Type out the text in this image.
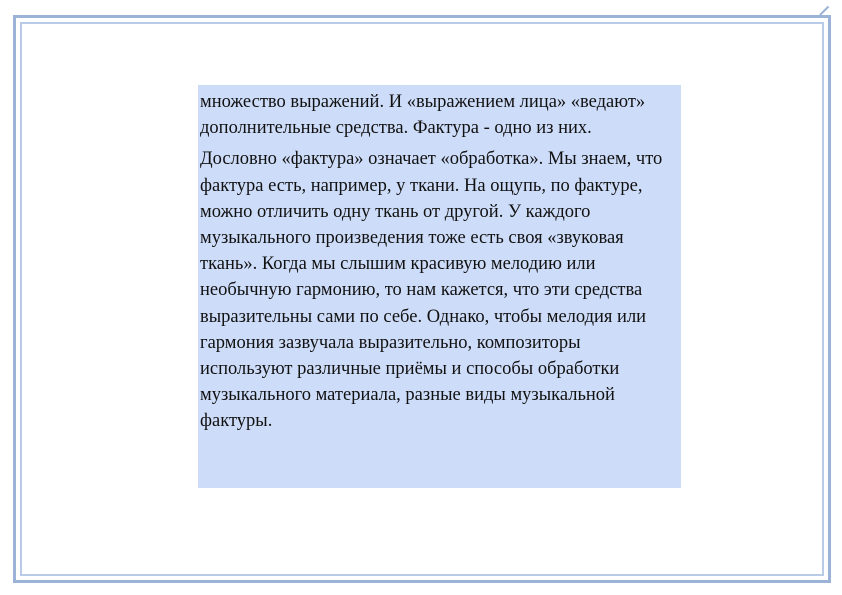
множество выражений. И «выражением лица» «ведают» дополнительные средства. Фактура - одно из них.

Дословно «фактура» означает «обработка». Мы знаем, что фактура есть, например, у ткани. На ощупь, по фактуре, можно отличить одну ткань от другой. У каждого музыкального произведения тоже есть своя «звуковая ткань». Когда мы слышим красивую мелодию или необычную гармонию, то нам кажется, что эти средства выразительны сами по себе. Однако, чтобы мелодия или гармония зазвучала выразительно, композиторы используют различные приёмы и способы обработки музыкального материала, разные виды музыкальной фактуры.
